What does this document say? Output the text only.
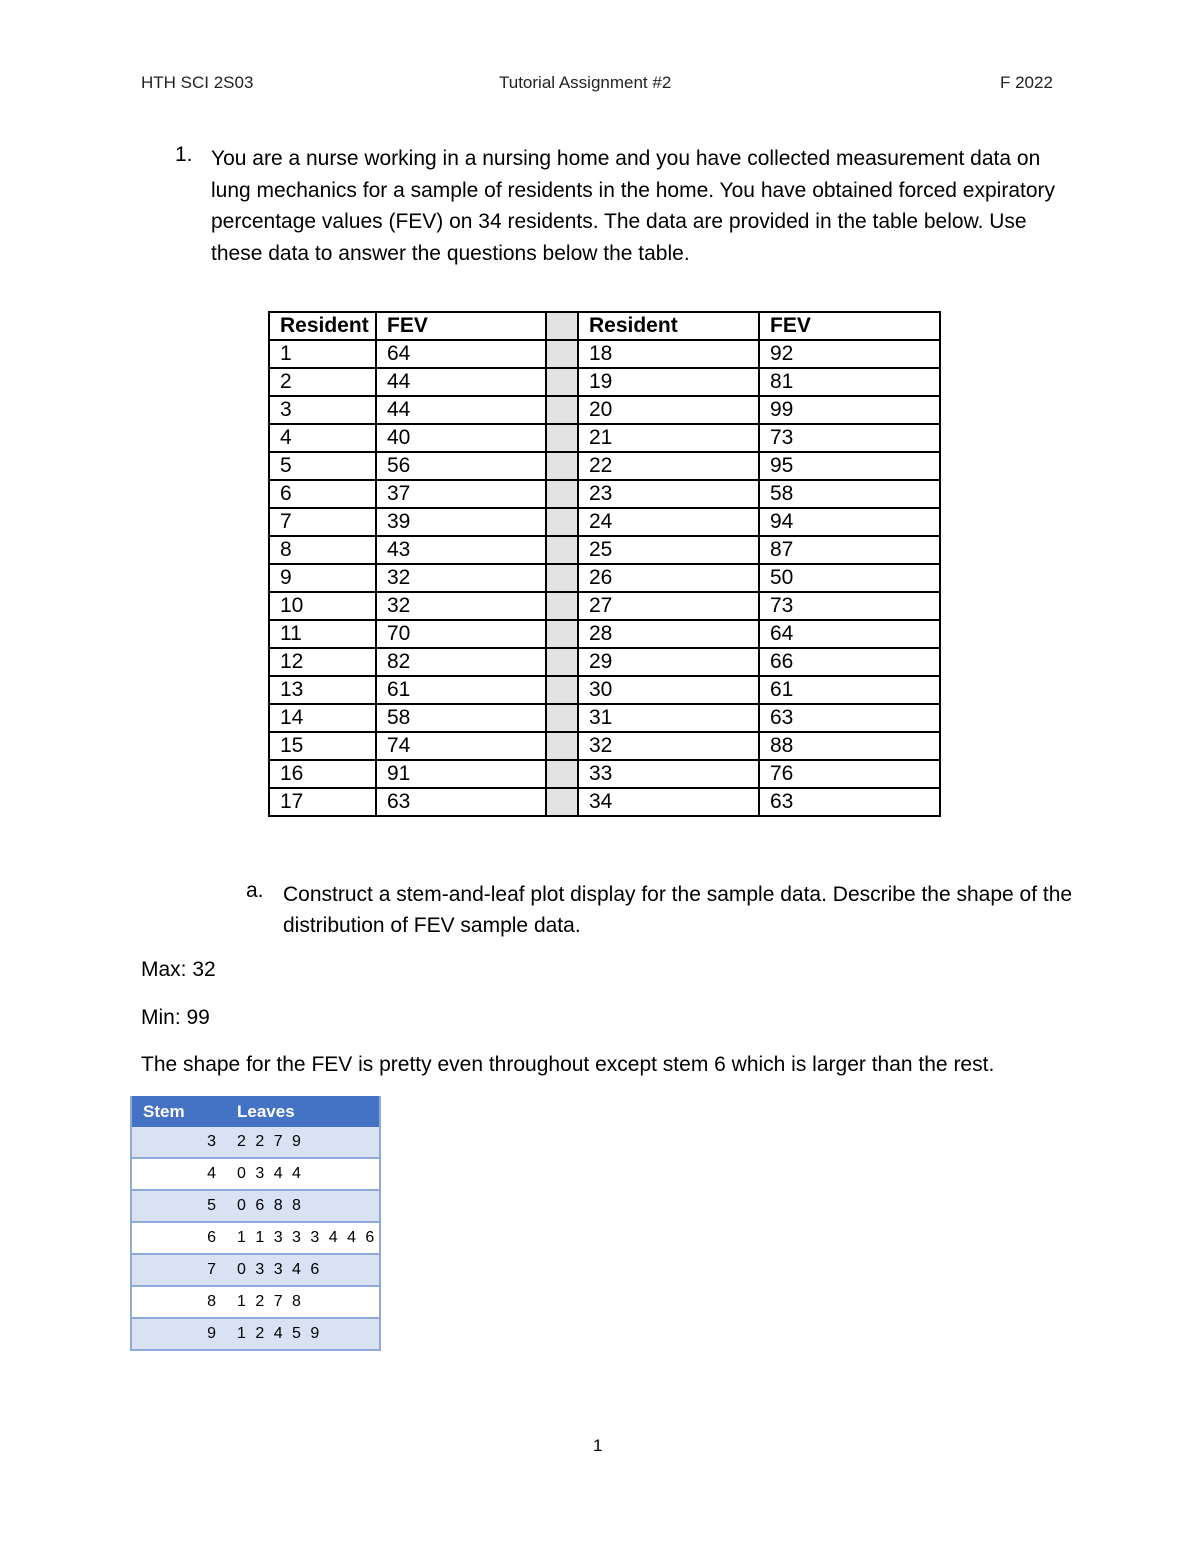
HTH SCI 2S03	Tutorial Assignment #2	F 2022
1. You are a nurse working in a nursing home and you have collected measurement data on lung mechanics for a sample of residents in the home. You have obtained forced expiratory percentage values (FEV) on 34 residents. The data are provided in the table below. Use these data to answer the questions below the table.
Resident	FEV		Resident	FEV
1	64		18	92
2	44		19	81
3	44		20	99
4	40		21	73
5	56		22	95
6	37		23	58
7	39		24	94
8	43		25	87
9	32		26	50
10	32		27	73
11	70		28	64
12	82		29	66
13	61		30	61
14	58		31	63
15	74		32	88
16	91		33	76
17	63		34	63
a. Construct a stem-and-leaf plot display for the sample data. Describe the shape of the distribution of FEV sample data.
Max: 32
Min: 99
The shape for the FEV is pretty even throughout except stem 6 which is larger than the rest.
Stem	Leaves
3	2 2 7 9
4	0 3 4 4
5	0 6 8 8
6	1 1 3 3 3 4 4 6
7	0 3 3 4 6
8	1 2 7 8
9	1 2 4 5 9
1
